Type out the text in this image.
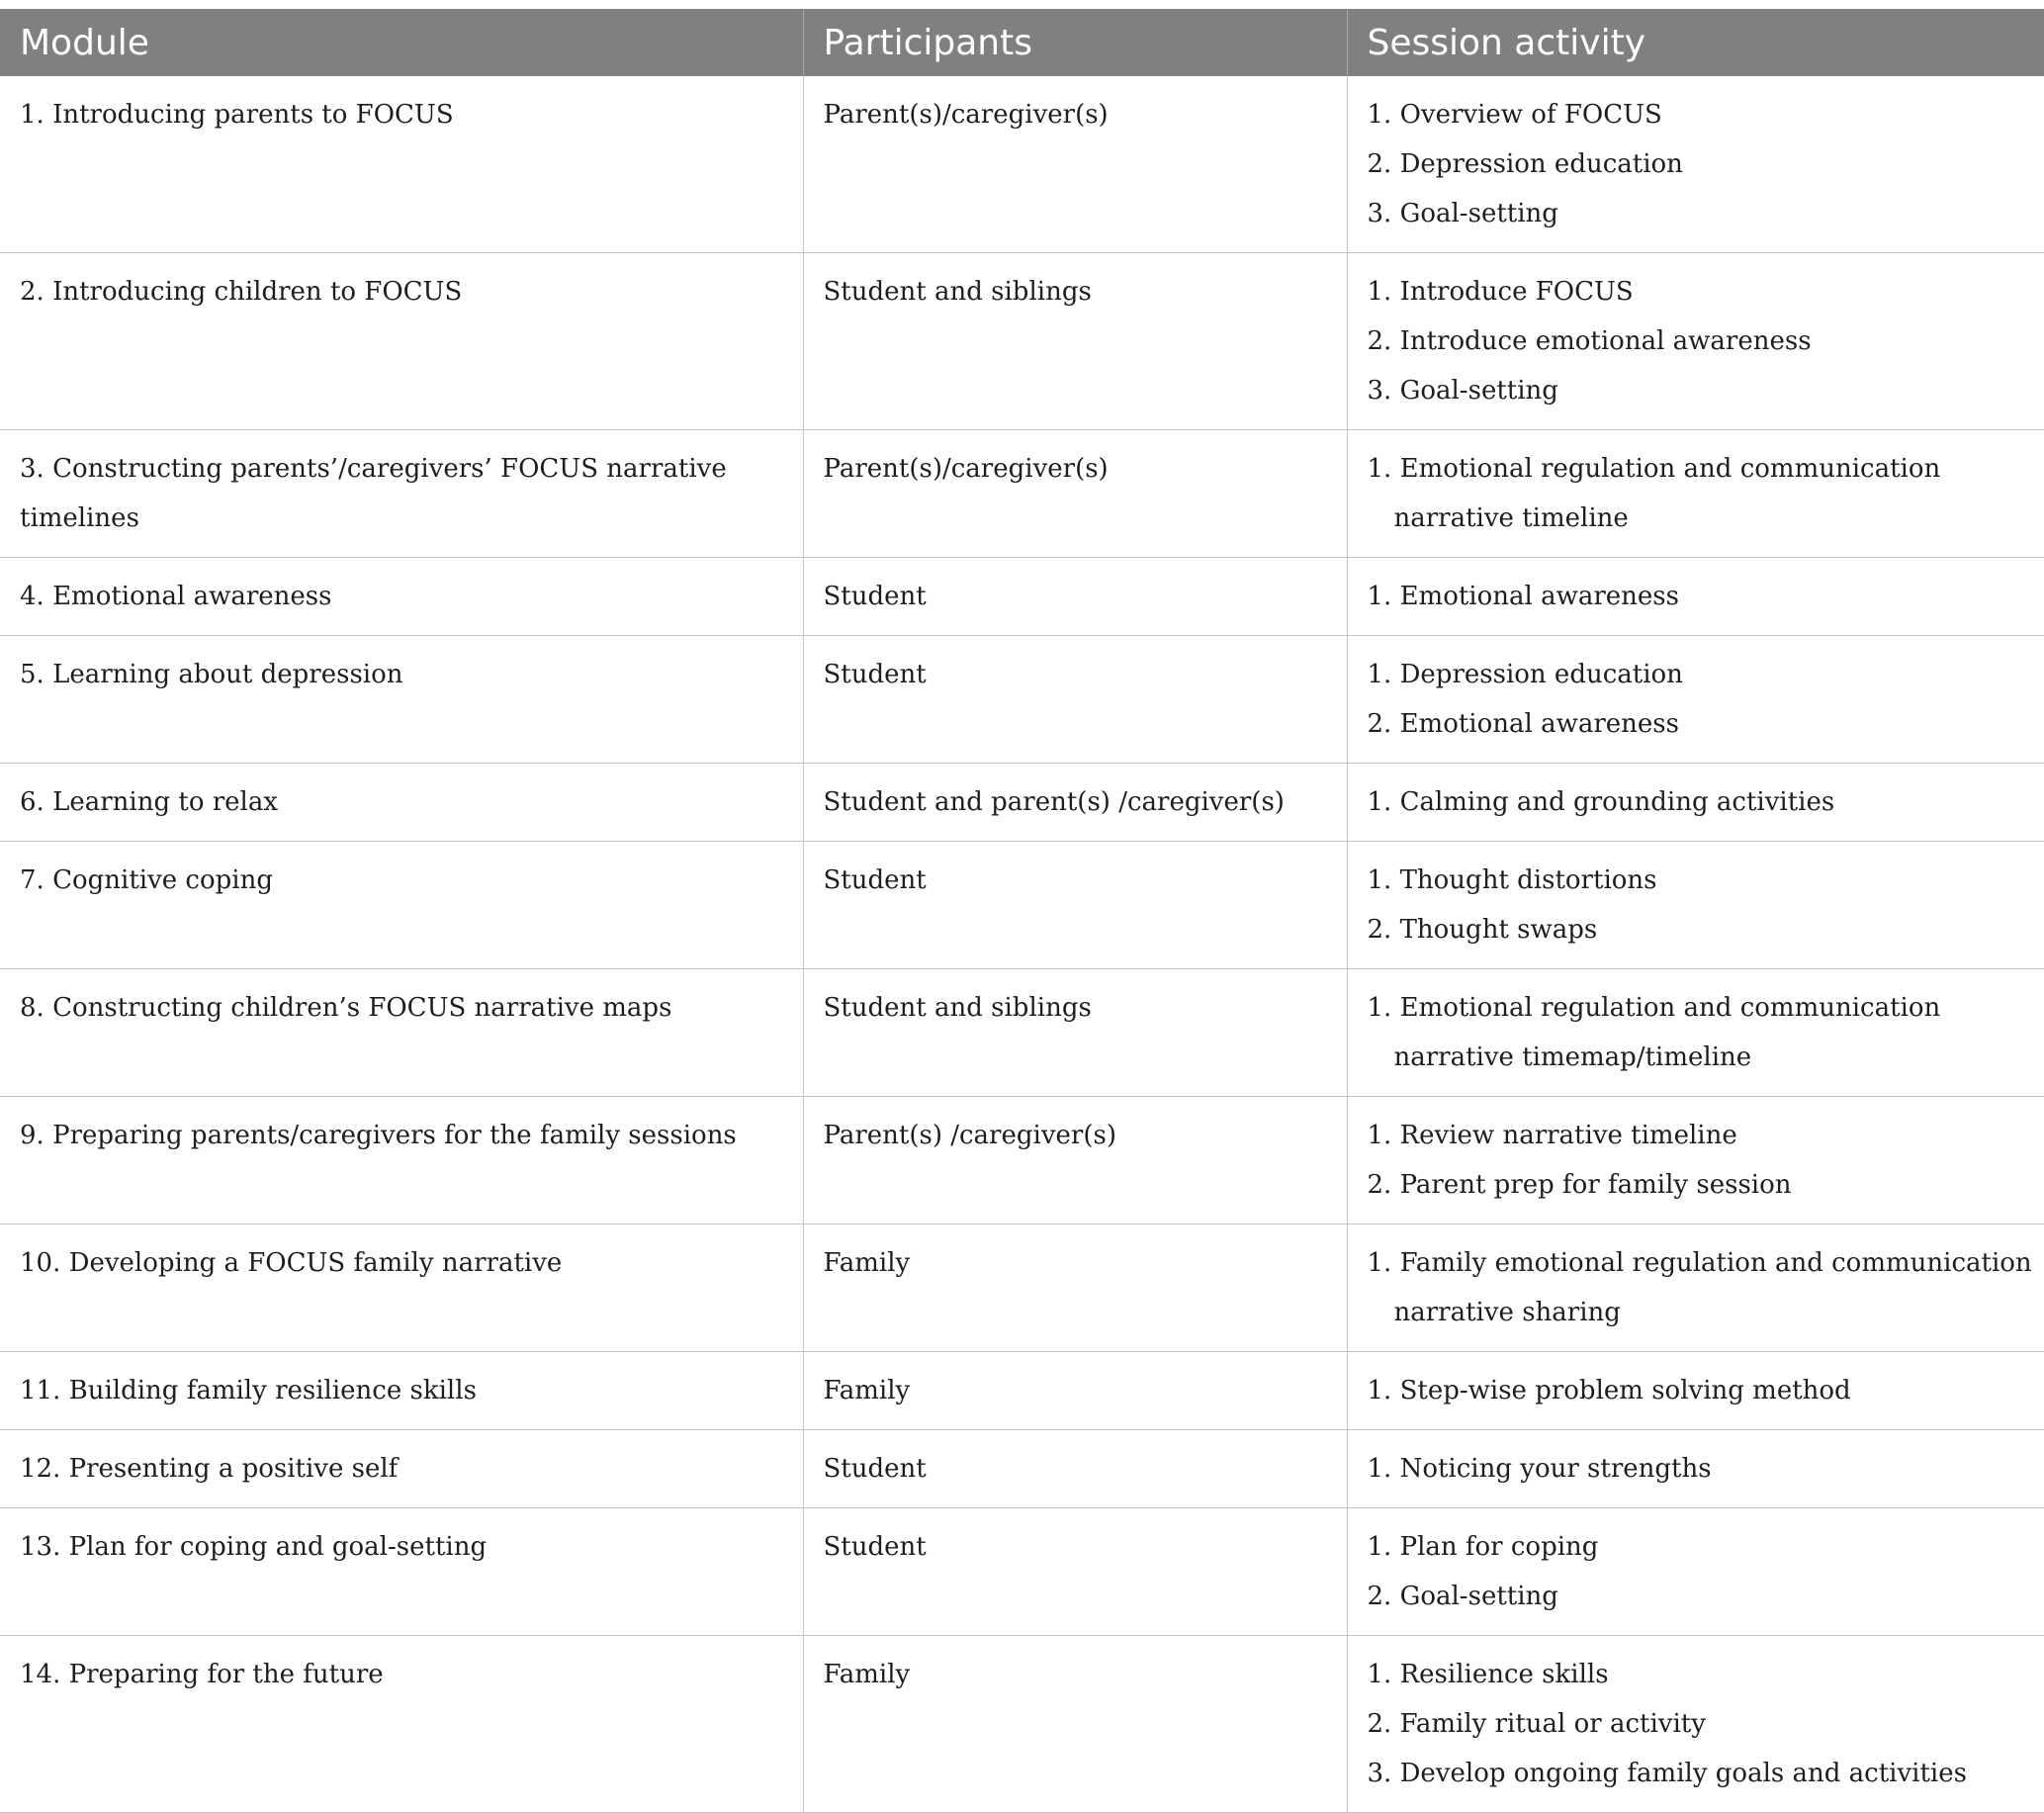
Module	Participants	Session activity
1. Introducing parents to FOCUS	Parent(s)/caregiver(s)	1. Overview of FOCUS
2. Depression education
3. Goal-setting

2. Introducing children to FOCUS	Student and siblings	1. Introduce FOCUS
2. Introduce emotional awareness
3. Goal-setting

3. Constructing parents’/caregivers’ FOCUS narrative timelines	Parent(s)/caregiver(s)	1. Emotional regulation and communication narrative timeline

4. Emotional awareness	Student	1. Emotional awareness

5. Learning about depression	Student	1. Depression education
2. Emotional awareness

6. Learning to relax	Student and parent(s) /caregiver(s)	1. Calming and grounding activities

7. Cognitive coping	Student	1. Thought distortions
2. Thought swaps

8. Constructing children’s FOCUS narrative maps	Student and siblings	1. Emotional regulation and communication narrative timemap/timeline

9. Preparing parents/caregivers for the family sessions	Parent(s) /caregiver(s)	1. Review narrative timeline
2. Parent prep for family session

10. Developing a FOCUS family narrative	Family	1. Family emotional regulation and communication narrative sharing

11. Building family resilience skills	Family	1. Step-wise problem solving method

12. Presenting a positive self	Student	1. Noticing your strengths

13. Plan for coping and goal-setting	Student	1. Plan for coping
2. Goal-setting

14. Preparing for the future	Family	1. Resilience skills
2. Family ritual or activity
3. Develop ongoing family goals and activities
